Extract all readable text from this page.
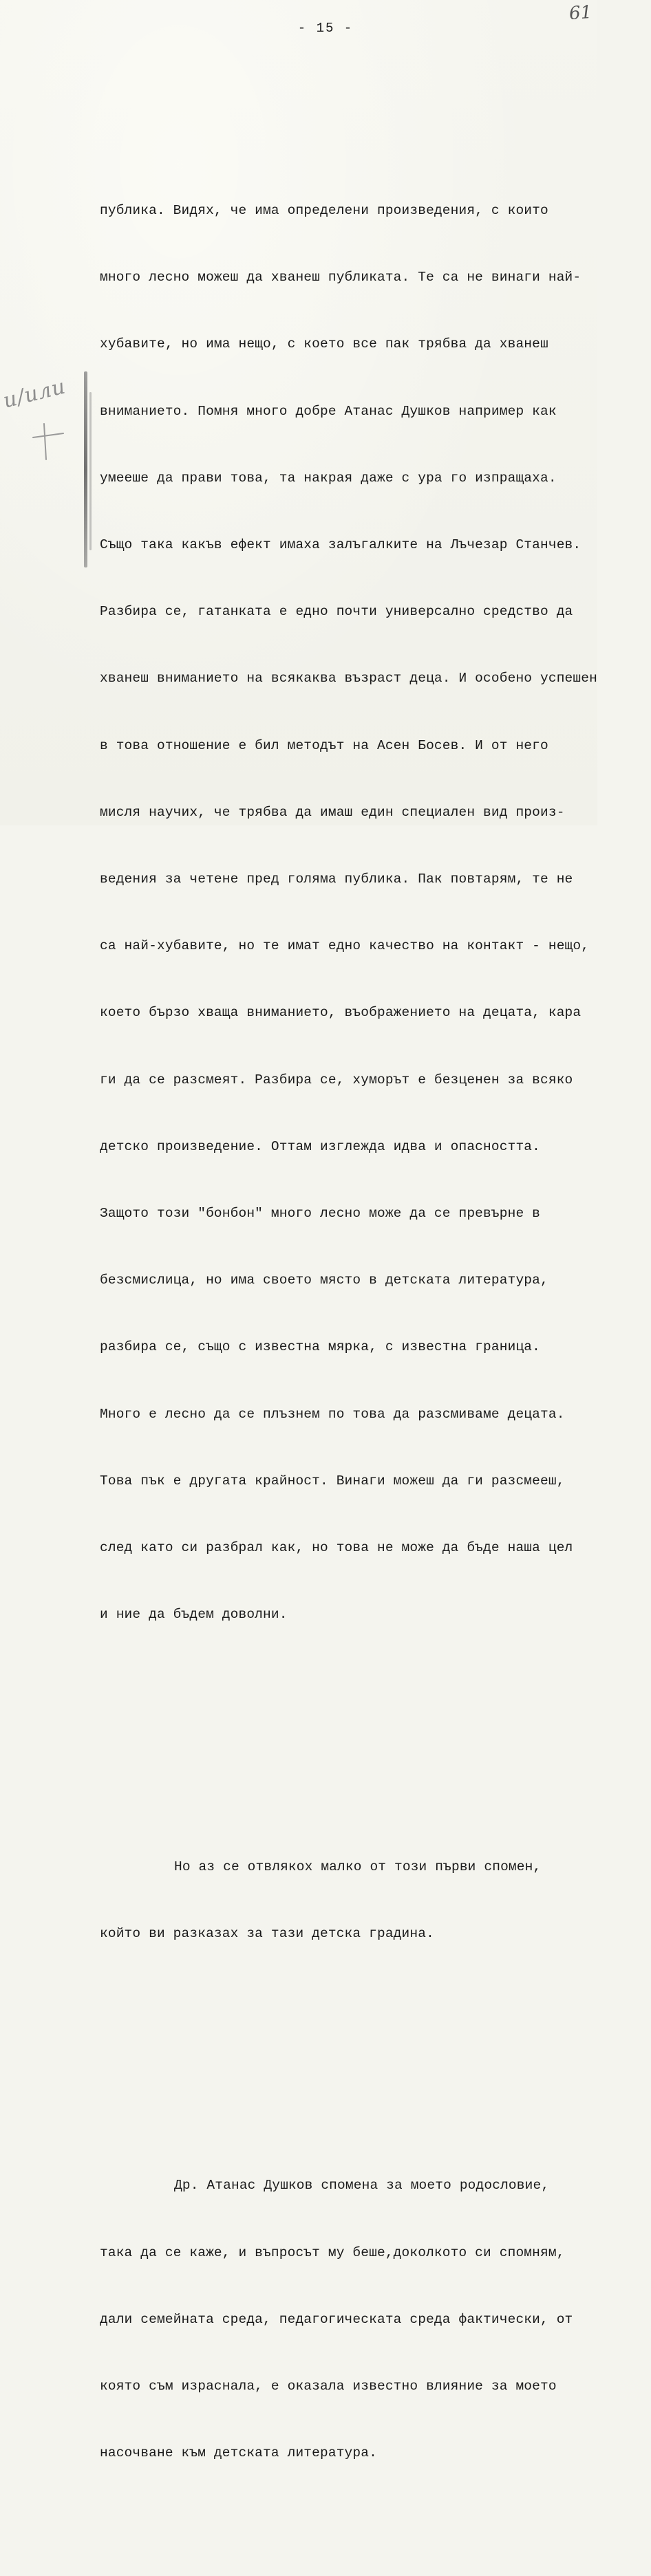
61
- 15 -
и/или

публика. Видях, че има определени произведения, с които

много лесно можеш да хванеш публиката. Те са не винаги най-

хубавите, но има нещо, с което все пак трябва да хванеш

вниманието. Помня много добре Атанас Душков например как

умееше да прави това, та накрая даже с ура го изпращаха.

Също така какъв ефект имаха залъгалките на Лъчезар Станчев.

Разбира се, гатанката е едно почти универсално средство да

хванеш вниманието на всякаква възраст деца. И особено успешен

в това отношение е бил методът на Асен Босев. И от него

мисля научих, че трябва да имаш един специален вид произ-

ведения за четене пред голяма публика. Пак повтарям, те не

са най-хубавите, но те имат едно качество на контакт - нещо,

което бързо хваща вниманието, въображението на децата, кара

ги да се разсмеят. Разбира се, хуморът е безценен за всяко

детско произведение. Оттам изглежда идва и опасността.

Защото този "бонбон" много лесно може да се превърне в

безсмислица, но има своето място в детската литература,

разбира се, също с известна мярка, с известна граница.

Много е лесно да се плъзнем по това да разсмиваме децата.

Това пък е другата крайност. Винаги можеш да ги разсмееш,

след като си разбрал как, но това не може да бъде наша цел

и ние да бъдем доволни.

Но аз се отвлякох малко от този първи спомен,

който ви разказах за тази детска градина.

Др. Атанас Душков спомена за моето родословие,

така да се каже, и въпросът му беше,доколкото си спомням,

дали семейната среда, педагогическата среда фактически, от

която съм израснала, е оказала известно влияние за моето

насочване към детската литература.
